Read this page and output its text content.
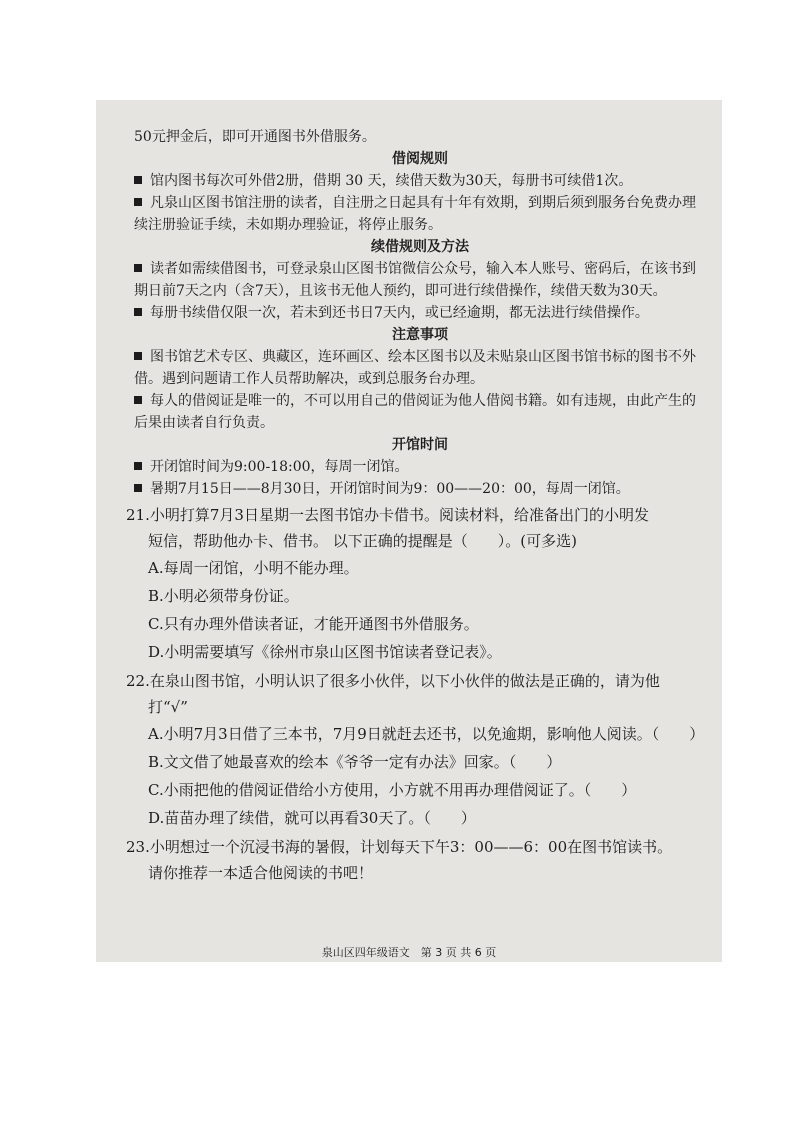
50元押金后，即可开通图书外借服务。

借阅规则

馆内图书每次可外借2册，借期 30 天，续借天数为30天，每册书可续借1次。

凡泉山区图书馆注册的读者，自注册之日起具有十年有效期，到期后须到服务台免费办理续注册验证手续，未如期办理验证，将停止服务。

续借规则及方法

读者如需续借图书，可登录泉山区图书馆微信公众号，输入本人账号、密码后，在该书到期日前7天之内（含7天），且该书无他人预约，即可进行续借操作，续借天数为30天。

每册书续借仅限一次，若未到还书日7天内，或已经逾期，都无法进行续借操作。

注意事项

图书馆艺术专区、典藏区，连环画区、绘本区图书以及未贴泉山区图书馆书标的图书不外借。遇到问题请工作人员帮助解决，或到总服务台办理。

每人的借阅证是唯一的，不可以用自己的借阅证为他人借阅书籍。如有违规，由此产生的后果由读者自行负责。

开馆时间

开闭馆时间为9:00-18:00，每周一闭馆。

暑期7月15日——8月30日，开闭馆时间为9：00——20：00，每周一闭馆。

21.小明打算7月3日星期一去图书馆办卡借书。阅读材料，给准备出门的小明发

短信，帮助他办卡、借书。 以下正确的提醒是（　　）。(可多选)

A.每周一闭馆，小明不能办理。

B.小明必须带身份证。

C.只有办理外借读者证，才能开通图书外借服务。

D.小明需要填写《徐州市泉山区图书馆读者登记表》。

22.在泉山图书馆，小明认识了很多小伙伴，以下小伙伴的做法是正确的，请为他

打“√”

A.小明7月3日借了三本书，7月9日就赶去还书，以免逾期，影响他人阅读。（　　）

B.文文借了她最喜欢的绘本《爷爷一定有办法》回家。（　　）

C.小雨把他的借阅证借给小方使用，小方就不用再办理借阅证了。（　　）

D.苗苗办理了续借，就可以再看30天了。（　　）

23.小明想过一个沉浸书海的暑假，计划每天下午3：00——6：00在图书馆读书。

请你推荐一本适合他阅读的书吧！

泉山区四年级语文　第 3 页 共 6 页
